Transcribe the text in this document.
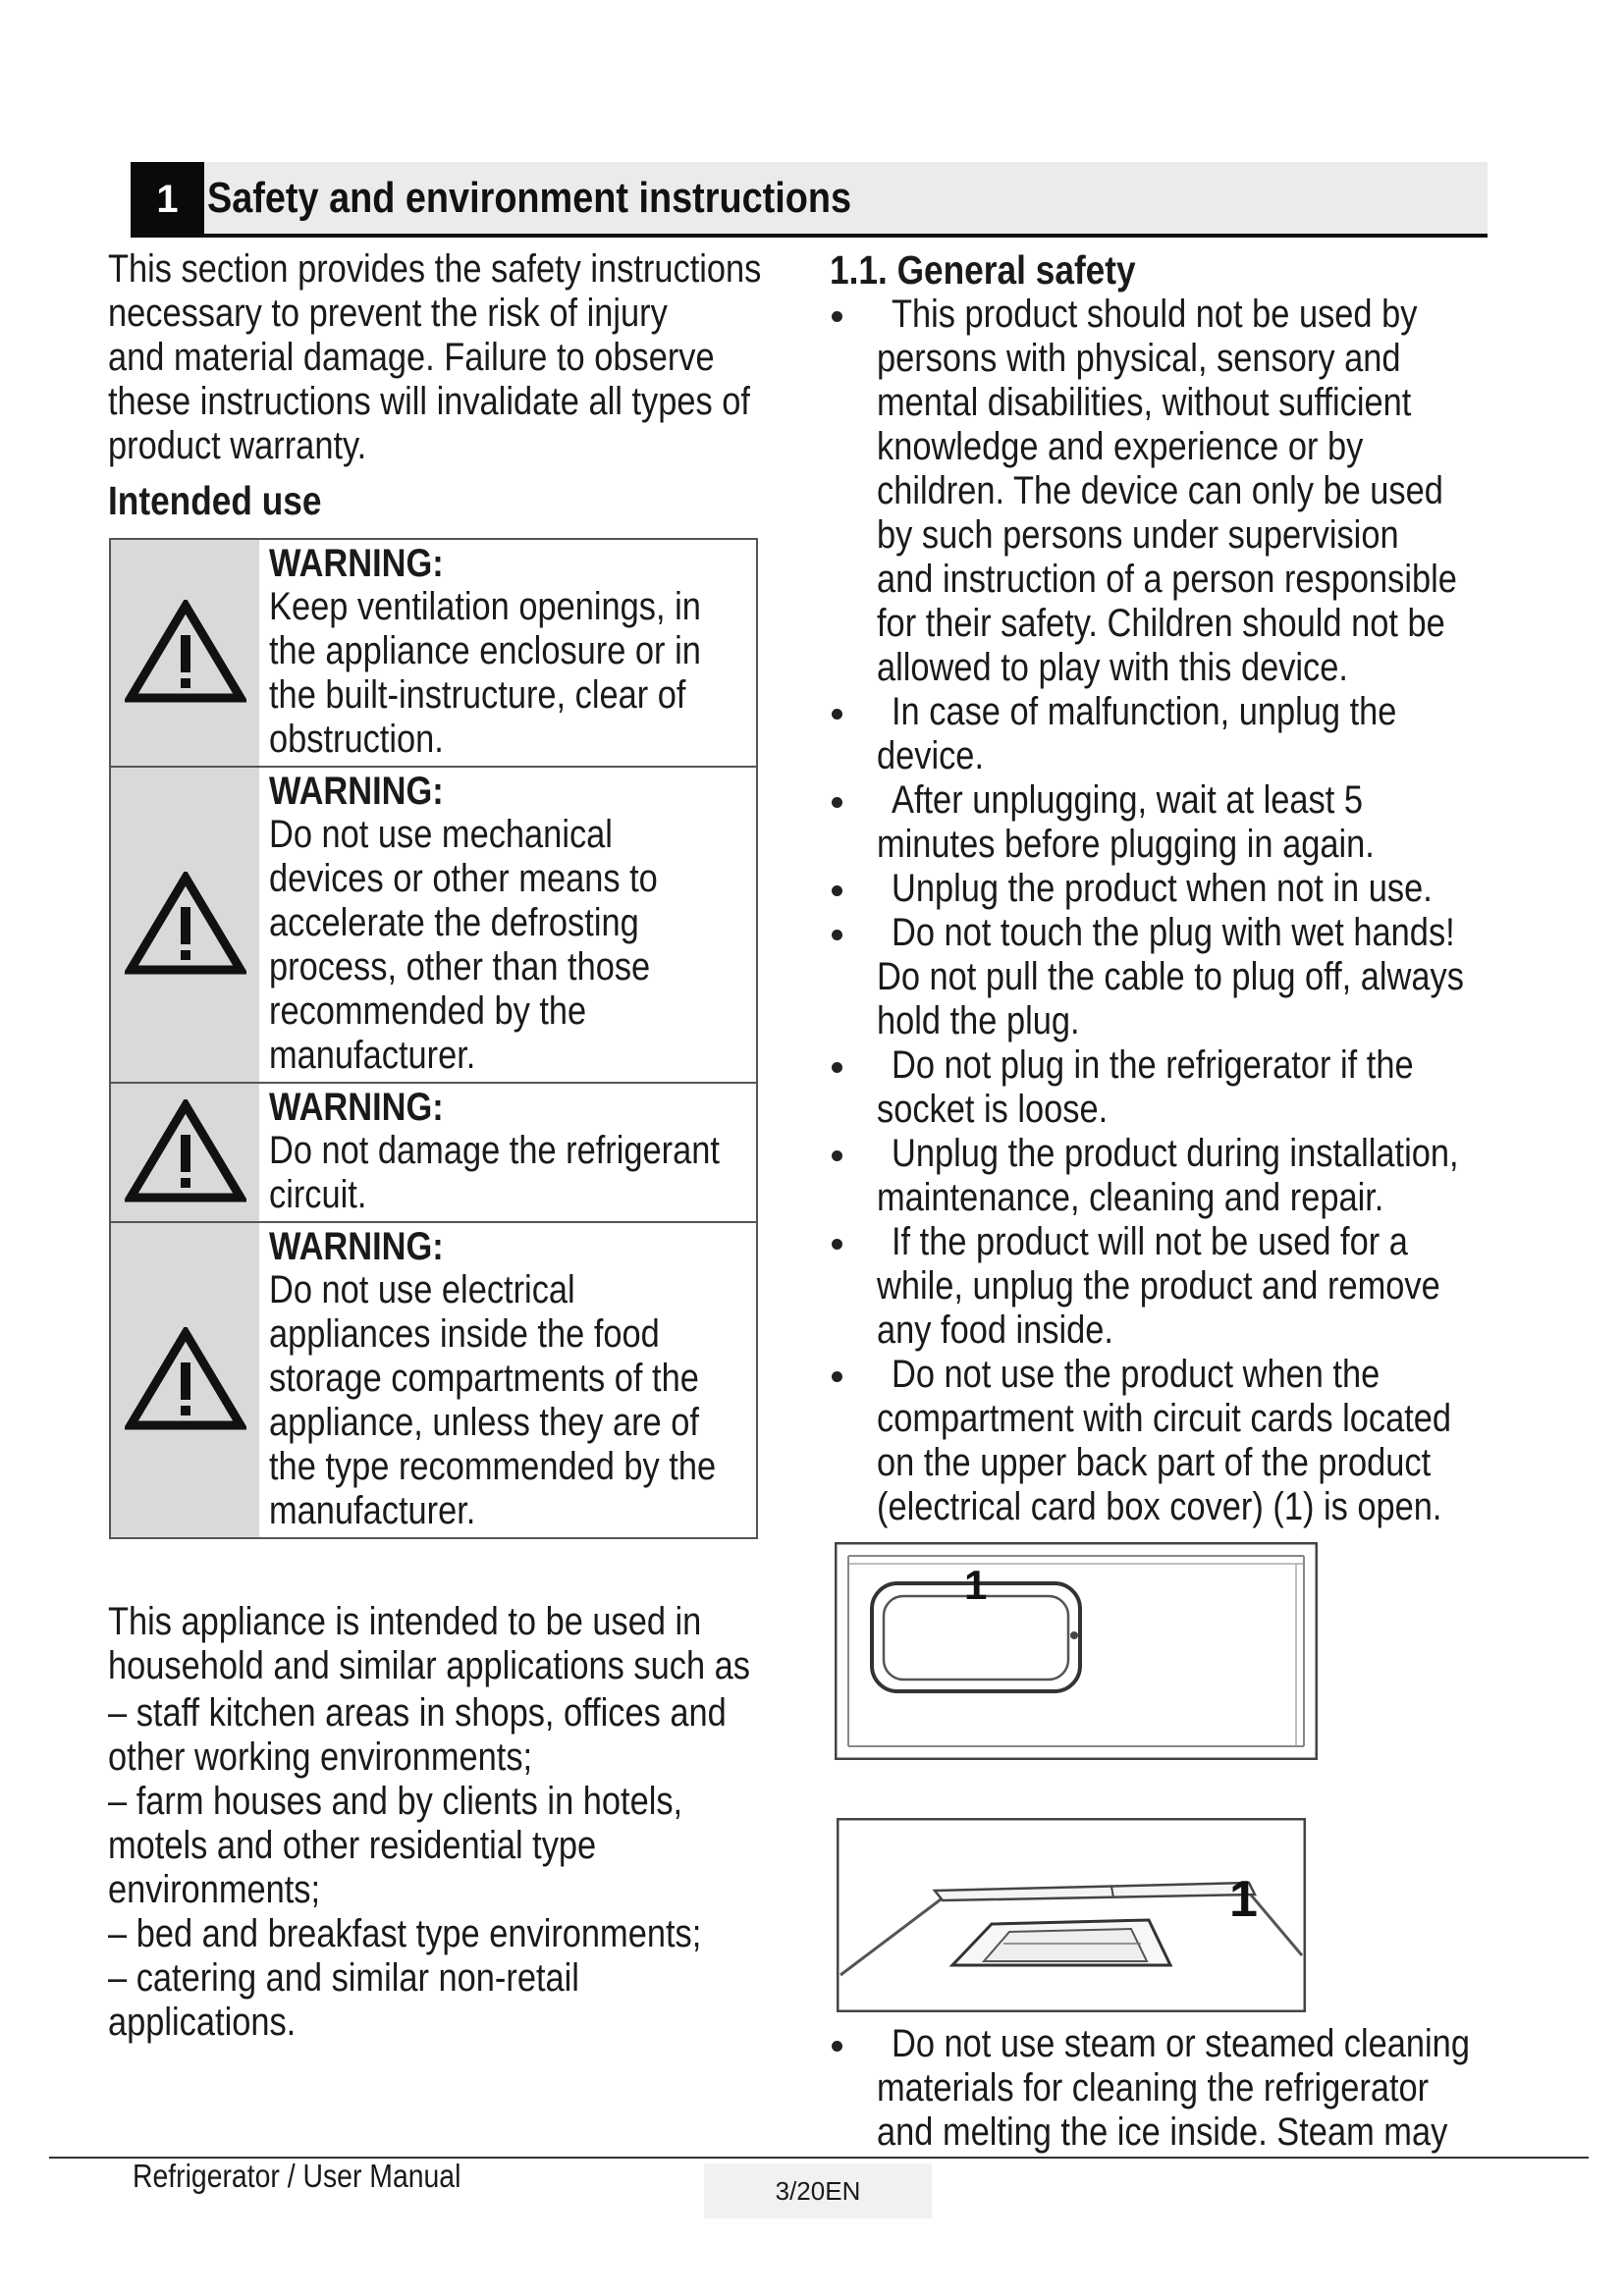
1 Safety and environment instructions
This section provides the safety instructions
necessary to prevent the risk of injury
and material damage. Failure to observe
these instructions will invalidate all types of
product warranty.
Intended use
WARNING:
Keep ventilation openings, in
the appliance enclosure or in
the built-instructure, clear of
obstruction.
WARNING:
Do not use mechanical
devices or other means to
accelerate the defrosting
process, other than those
recommended by the
manufacturer.
WARNING:
Do not damage the refrigerant
circuit.
WARNING:
Do not use electrical
appliances inside the food
storage compartments of the
appliance, unless they are of
the type recommended by the
manufacturer.
This appliance is intended to be used in
household and similar applications such as
– staff kitchen areas in shops, offices and
other working environments;
– farm houses and by clients in hotels,
motels and other residential type
environments;
– bed and breakfast type environments;
– catering and similar non-retail
applications.
1.1. General safety
This product should not be used by
persons with physical, sensory and
mental disabilities, without sufficient
knowledge and experience or by
children. The device can only be used
by such persons under supervision
and instruction of a person responsible
for their safety. Children should not be
allowed to play with this device.
In case of malfunction, unplug the
device.
After unplugging, wait at least 5
minutes before plugging in again.
Unplug the product when not in use.
Do not touch the plug with wet hands!
Do not pull the cable to plug off, always
hold the plug.
Do not plug in the refrigerator if the
socket is loose.
Unplug the product during installation,
maintenance, cleaning and repair.
If the product will not be used for a
while, unplug the product and remove
any food inside.
Do not use the product when the
compartment with circuit cards located
on the upper back part of the product
(electrical card box cover) (1) is open.
1
1
Do not use steam or steamed cleaning
materials for cleaning the refrigerator
and melting the ice inside. Steam may
Refrigerator / User Manual	3/20EN
